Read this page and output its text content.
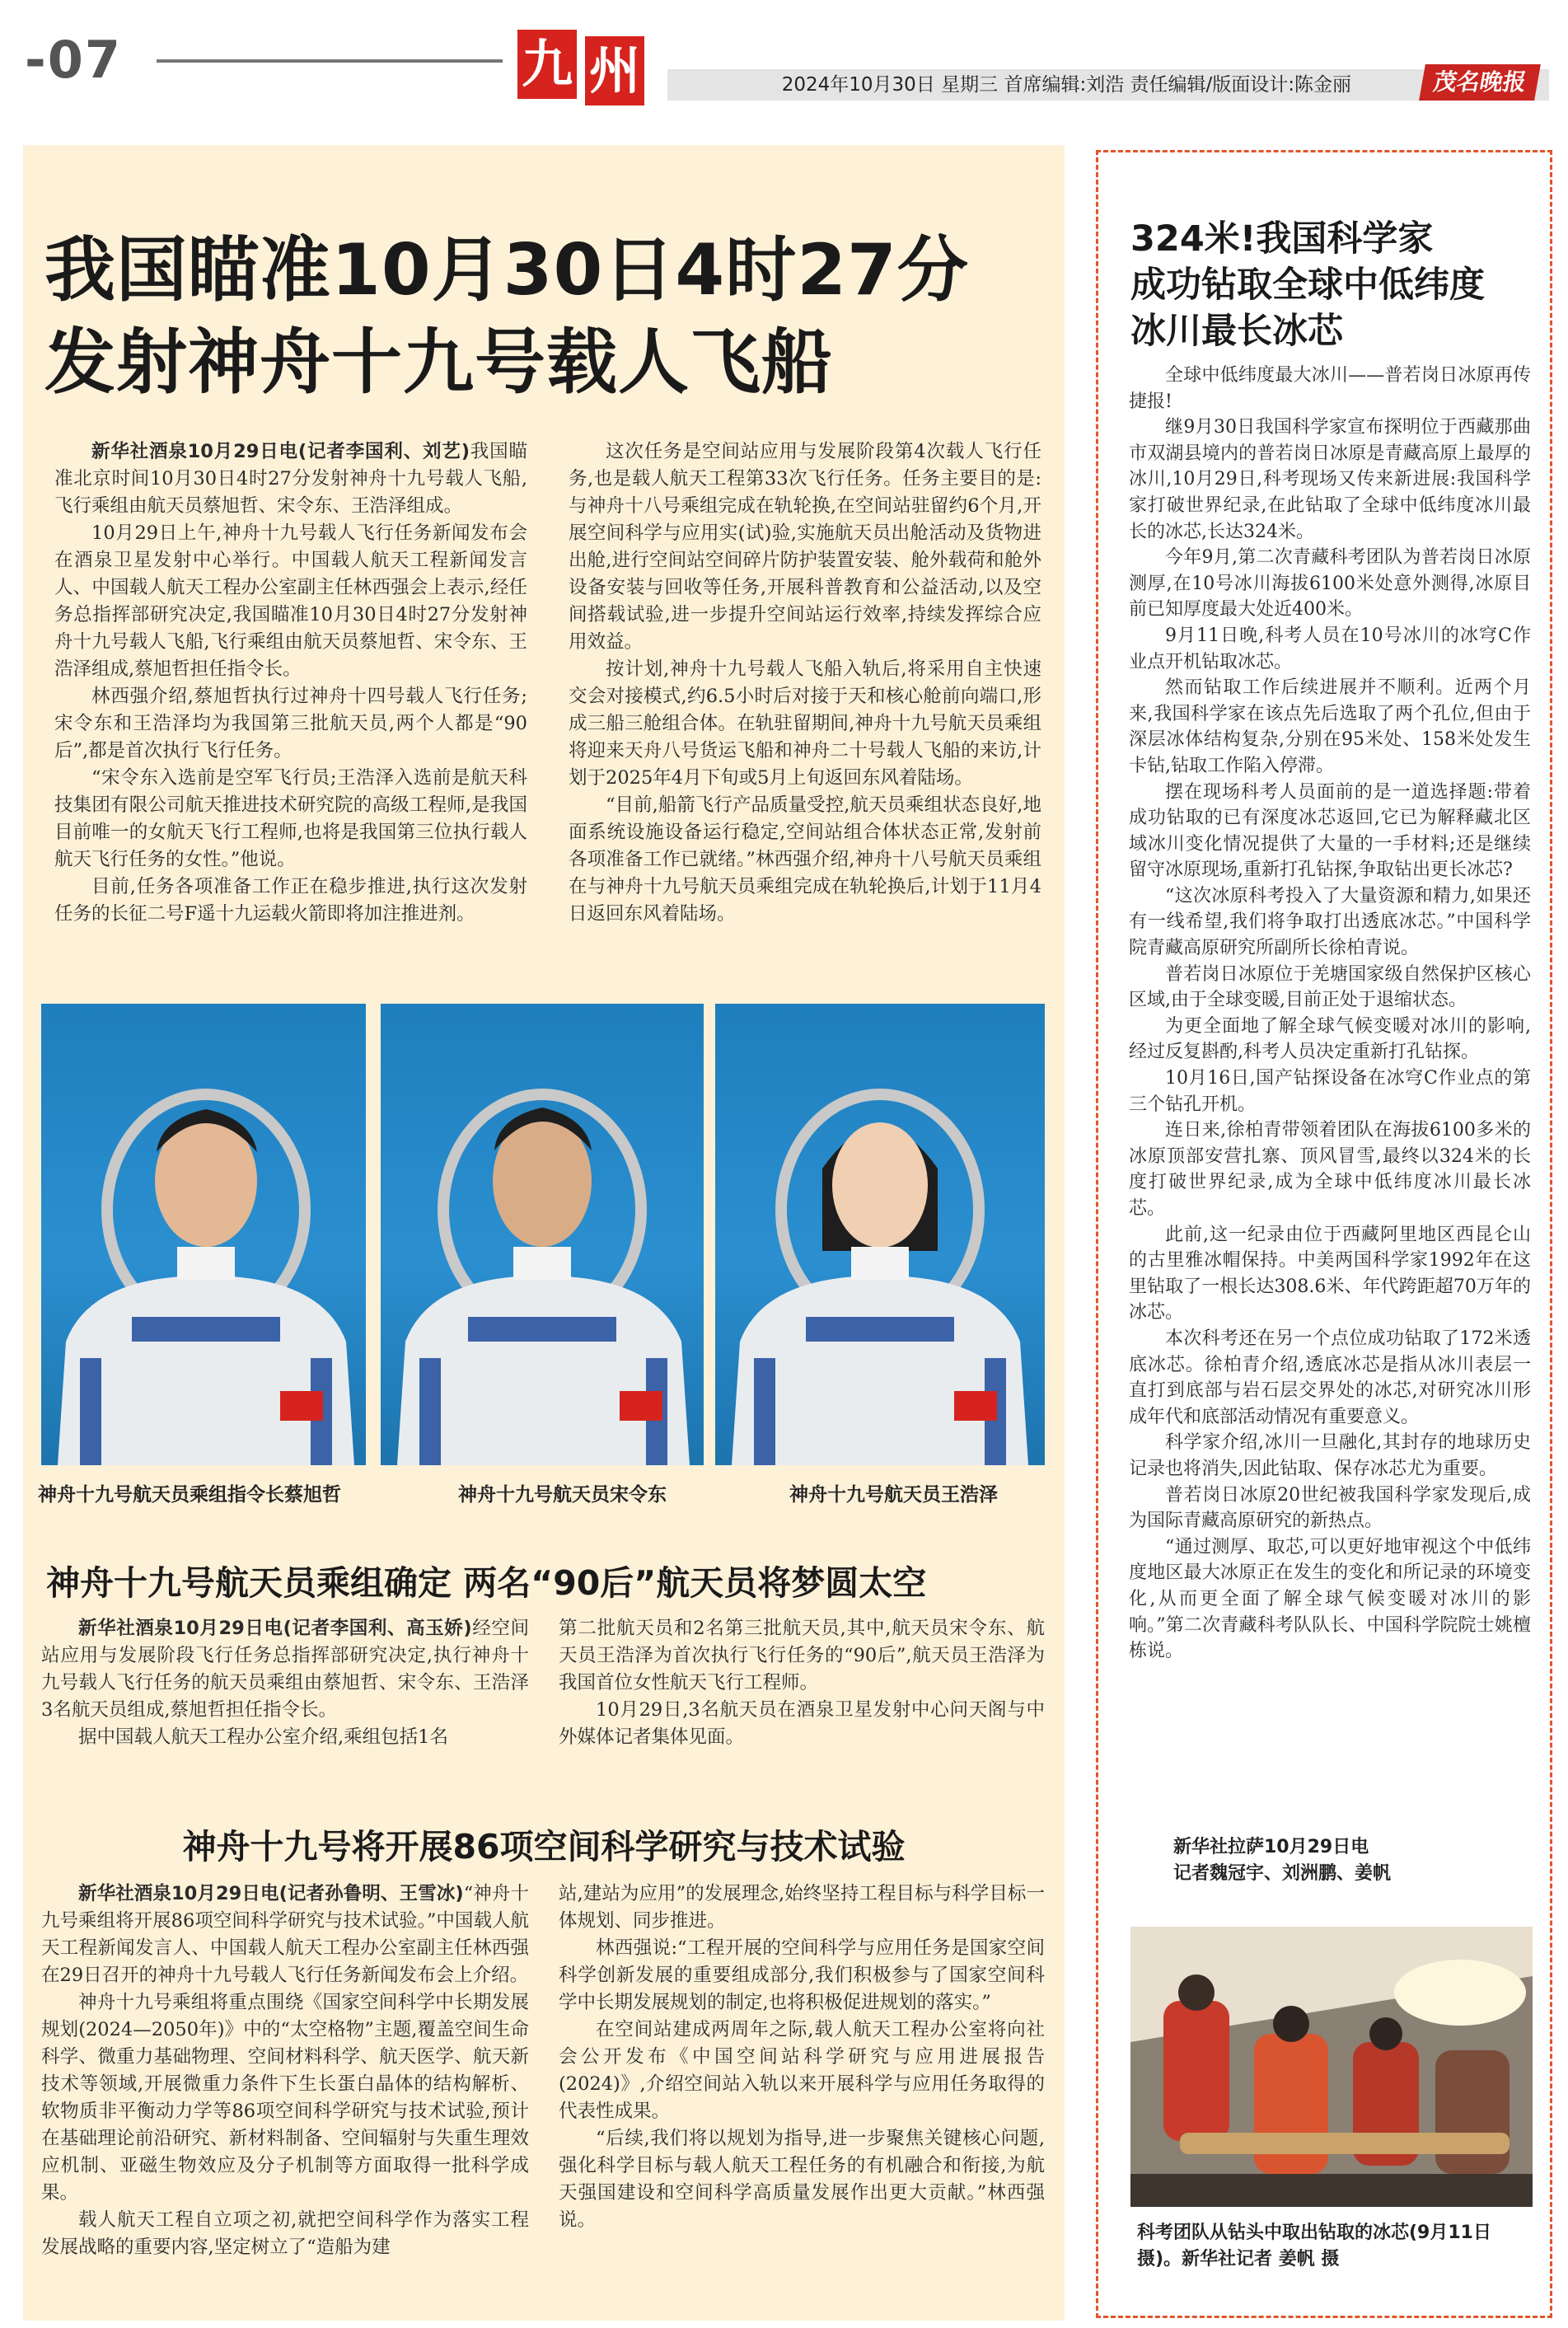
-07	九 州	2024年10月30日 星期三 首席编辑:刘浩 责任编辑/版面设计:陈金丽	茂名晚报
我国瞄准10月30日4时27分
发射神舟十九号载人飞船

新华社酒泉10月29日电(记者李国利、刘艺)我国瞄准北京时间10月30日4时27分发射神舟十九号载人飞船,飞行乘组由航天员蔡旭哲、宋令东、王浩泽组成。

10月29日上午,神舟十九号载人飞行任务新闻发布会在酒泉卫星发射中心举行。中国载人航天工程新闻发言人、中国载人航天工程办公室副主任林西强会上表示,经任务总指挥部研究决定,我国瞄准10月30日4时27分发射神舟十九号载人飞船,飞行乘组由航天员蔡旭哲、宋令东、王浩泽组成,蔡旭哲担任指令长。

林西强介绍,蔡旭哲执行过神舟十四号载人飞行任务;宋令东和王浩泽均为我国第三批航天员,两个人都是“90后”,都是首次执行飞行任务。

“宋令东入选前是空军飞行员;王浩泽入选前是航天科技集团有限公司航天推进技术研究院的高级工程师,是我国目前唯一的女航天飞行工程师,也将是我国第三位执行载人航天飞行任务的女性。”他说。

目前,任务各项准备工作正在稳步推进,执行这次发射任务的长征二号F遥十九运载火箭即将加注推进剂。

这次任务是空间站应用与发展阶段第4次载人飞行任务,也是载人航天工程第33次飞行任务。任务主要目的是:与神舟十八号乘组完成在轨轮换,在空间站驻留约6个月,开展空间科学与应用实(试)验,实施航天员出舱活动及货物进出舱,进行空间站空间碎片防护装置安装、舱外载荷和舱外设备安装与回收等任务,开展科普教育和公益活动,以及空间搭载试验,进一步提升空间站运行效率,持续发挥综合应用效益。

按计划,神舟十九号载人飞船入轨后,将采用自主快速交会对接模式,约6.5小时后对接于天和核心舱前向端口,形成三船三舱组合体。在轨驻留期间,神舟十九号航天员乘组将迎来天舟八号货运飞船和神舟二十号载人飞船的来访,计划于2025年4月下旬或5月上旬返回东风着陆场。

“目前,船箭飞行产品质量受控,航天员乘组状态良好,地面系统设施设备运行稳定,空间站组合体状态正常,发射前各项准备工作已就绪。”林西强介绍,神舟十八号航天员乘组在与神舟十九号航天员乘组完成在轨轮换后,计划于11月4日返回东风着陆场。

神舟十九号航天员乘组指令长蔡旭哲	神舟十九号航天员宋令东	神舟十九号航天员王浩泽
神舟十九号航天员乘组确定 两名“90后”航天员将梦圆太空

新华社酒泉10月29日电(记者李国利、高玉娇)经空间站应用与发展阶段飞行任务总指挥部研究决定,执行神舟十九号载人飞行任务的航天员乘组由蔡旭哲、宋令东、王浩泽3名航天员组成,蔡旭哲担任指令长。

据中国载人航天工程办公室介绍,乘组包括1名

第二批航天员和2名第三批航天员,其中,航天员宋令东、航天员王浩泽为首次执行飞行任务的“90后”,航天员王浩泽为我国首位女性航天飞行工程师。

10月29日,3名航天员在酒泉卫星发射中心问天阁与中外媒体记者集体见面。

神舟十九号将开展86项空间科学研究与技术试验

新华社酒泉10月29日电(记者孙鲁明、王雪冰)“神舟十九号乘组将开展86项空间科学研究与技术试验。”中国载人航天工程新闻发言人、中国载人航天工程办公室副主任林西强在29日召开的神舟十九号载人飞行任务新闻发布会上介绍。

神舟十九号乘组将重点围绕《国家空间科学中长期发展规划(2024—2050年)》中的“太空格物”主题,覆盖空间生命科学、微重力基础物理、空间材料科学、航天医学、航天新技术等领域,开展微重力条件下生长蛋白晶体的结构解析、软物质非平衡动力学等86项空间科学研究与技术试验,预计在基础理论前沿研究、新材料制备、空间辐射与失重生理效应机制、亚磁生物效应及分子机制等方面取得一批科学成果。

载人航天工程自立项之初,就把空间科学作为落实工程发展战略的重要内容,坚定树立了“造船为建

站,建站为应用”的发展理念,始终坚持工程目标与科学目标一体规划、同步推进。

林西强说:“工程开展的空间科学与应用任务是国家空间科学创新发展的重要组成部分,我们积极参与了国家空间科学中长期发展规划的制定,也将积极促进规划的落实。”

在空间站建成两周年之际,载人航天工程办公室将向社会公开发布《中国空间站科学研究与应用进展报告(2024)》,介绍空间站入轨以来开展科学与应用任务取得的代表性成果。

“后续,我们将以规划为指导,进一步聚焦关键核心问题,强化科学目标与载人航天工程任务的有机融合和衔接,为航天强国建设和空间科学高质量发展作出更大贡献。”林西强说。

324米!我国科学家
成功钻取全球中低纬度
冰川最长冰芯

全球中低纬度最大冰川——普若岗日冰原再传捷报!

继9月30日我国科学家宣布探明位于西藏那曲市双湖县境内的普若岗日冰原是青藏高原上最厚的冰川,10月29日,科考现场又传来新进展:我国科学家打破世界纪录,在此钻取了全球中低纬度冰川最长的冰芯,长达324米。

今年9月,第二次青藏科考团队为普若岗日冰原测厚,在10号冰川海拔6100米处意外测得,冰原目前已知厚度最大处近400米。

9月11日晚,科考人员在10号冰川的冰穹C作业点开机钻取冰芯。

然而钻取工作后续进展并不顺利。近两个月来,我国科学家在该点先后选取了两个孔位,但由于深层冰体结构复杂,分别在95米处、158米处发生卡钻,钻取工作陷入停滞。

摆在现场科考人员面前的是一道选择题:带着成功钻取的已有深度冰芯返回,它已为解释藏北区域冰川变化情况提供了大量的一手材料;还是继续留守冰原现场,重新打孔钻探,争取钻出更长冰芯?

“这次冰原科考投入了大量资源和精力,如果还有一线希望,我们将争取打出透底冰芯。”中国科学院青藏高原研究所副所长徐柏青说。

普若岗日冰原位于羌塘国家级自然保护区核心区域,由于全球变暖,目前正处于退缩状态。

为更全面地了解全球气候变暖对冰川的影响,经过反复斟酌,科考人员决定重新打孔钻探。

10月16日,国产钻探设备在冰穹C作业点的第三个钻孔开机。

连日来,徐柏青带领着团队在海拔6100多米的冰原顶部安营扎寨、顶风冒雪,最终以324米的长度打破世界纪录,成为全球中低纬度冰川最长冰芯。

此前,这一纪录由位于西藏阿里地区西昆仑山的古里雅冰帽保持。中美两国科学家1992年在这里钻取了一根长达308.6米、年代跨距超70万年的冰芯。

本次科考还在另一个点位成功钻取了172米透底冰芯。徐柏青介绍,透底冰芯是指从冰川表层一直打到底部与岩石层交界处的冰芯,对研究冰川形成年代和底部活动情况有重要意义。

科学家介绍,冰川一旦融化,其封存的地球历史记录也将消失,因此钻取、保存冰芯尤为重要。

普若岗日冰原20世纪被我国科学家发现后,成为国际青藏高原研究的新热点。

“通过测厚、取芯,可以更好地审视这个中低纬度地区最大冰原正在发生的变化和所记录的环境变化,从而更全面了解全球气候变暖对冰川的影响。”第二次青藏科考队队长、中国科学院院士姚檀栋说。

新华社拉萨10月29日电
记者魏冠宇、刘洲鹏、姜帆
科考团队从钻头中取出钻取的冰芯(9月11日摄)。新华社记者 姜帆 摄
